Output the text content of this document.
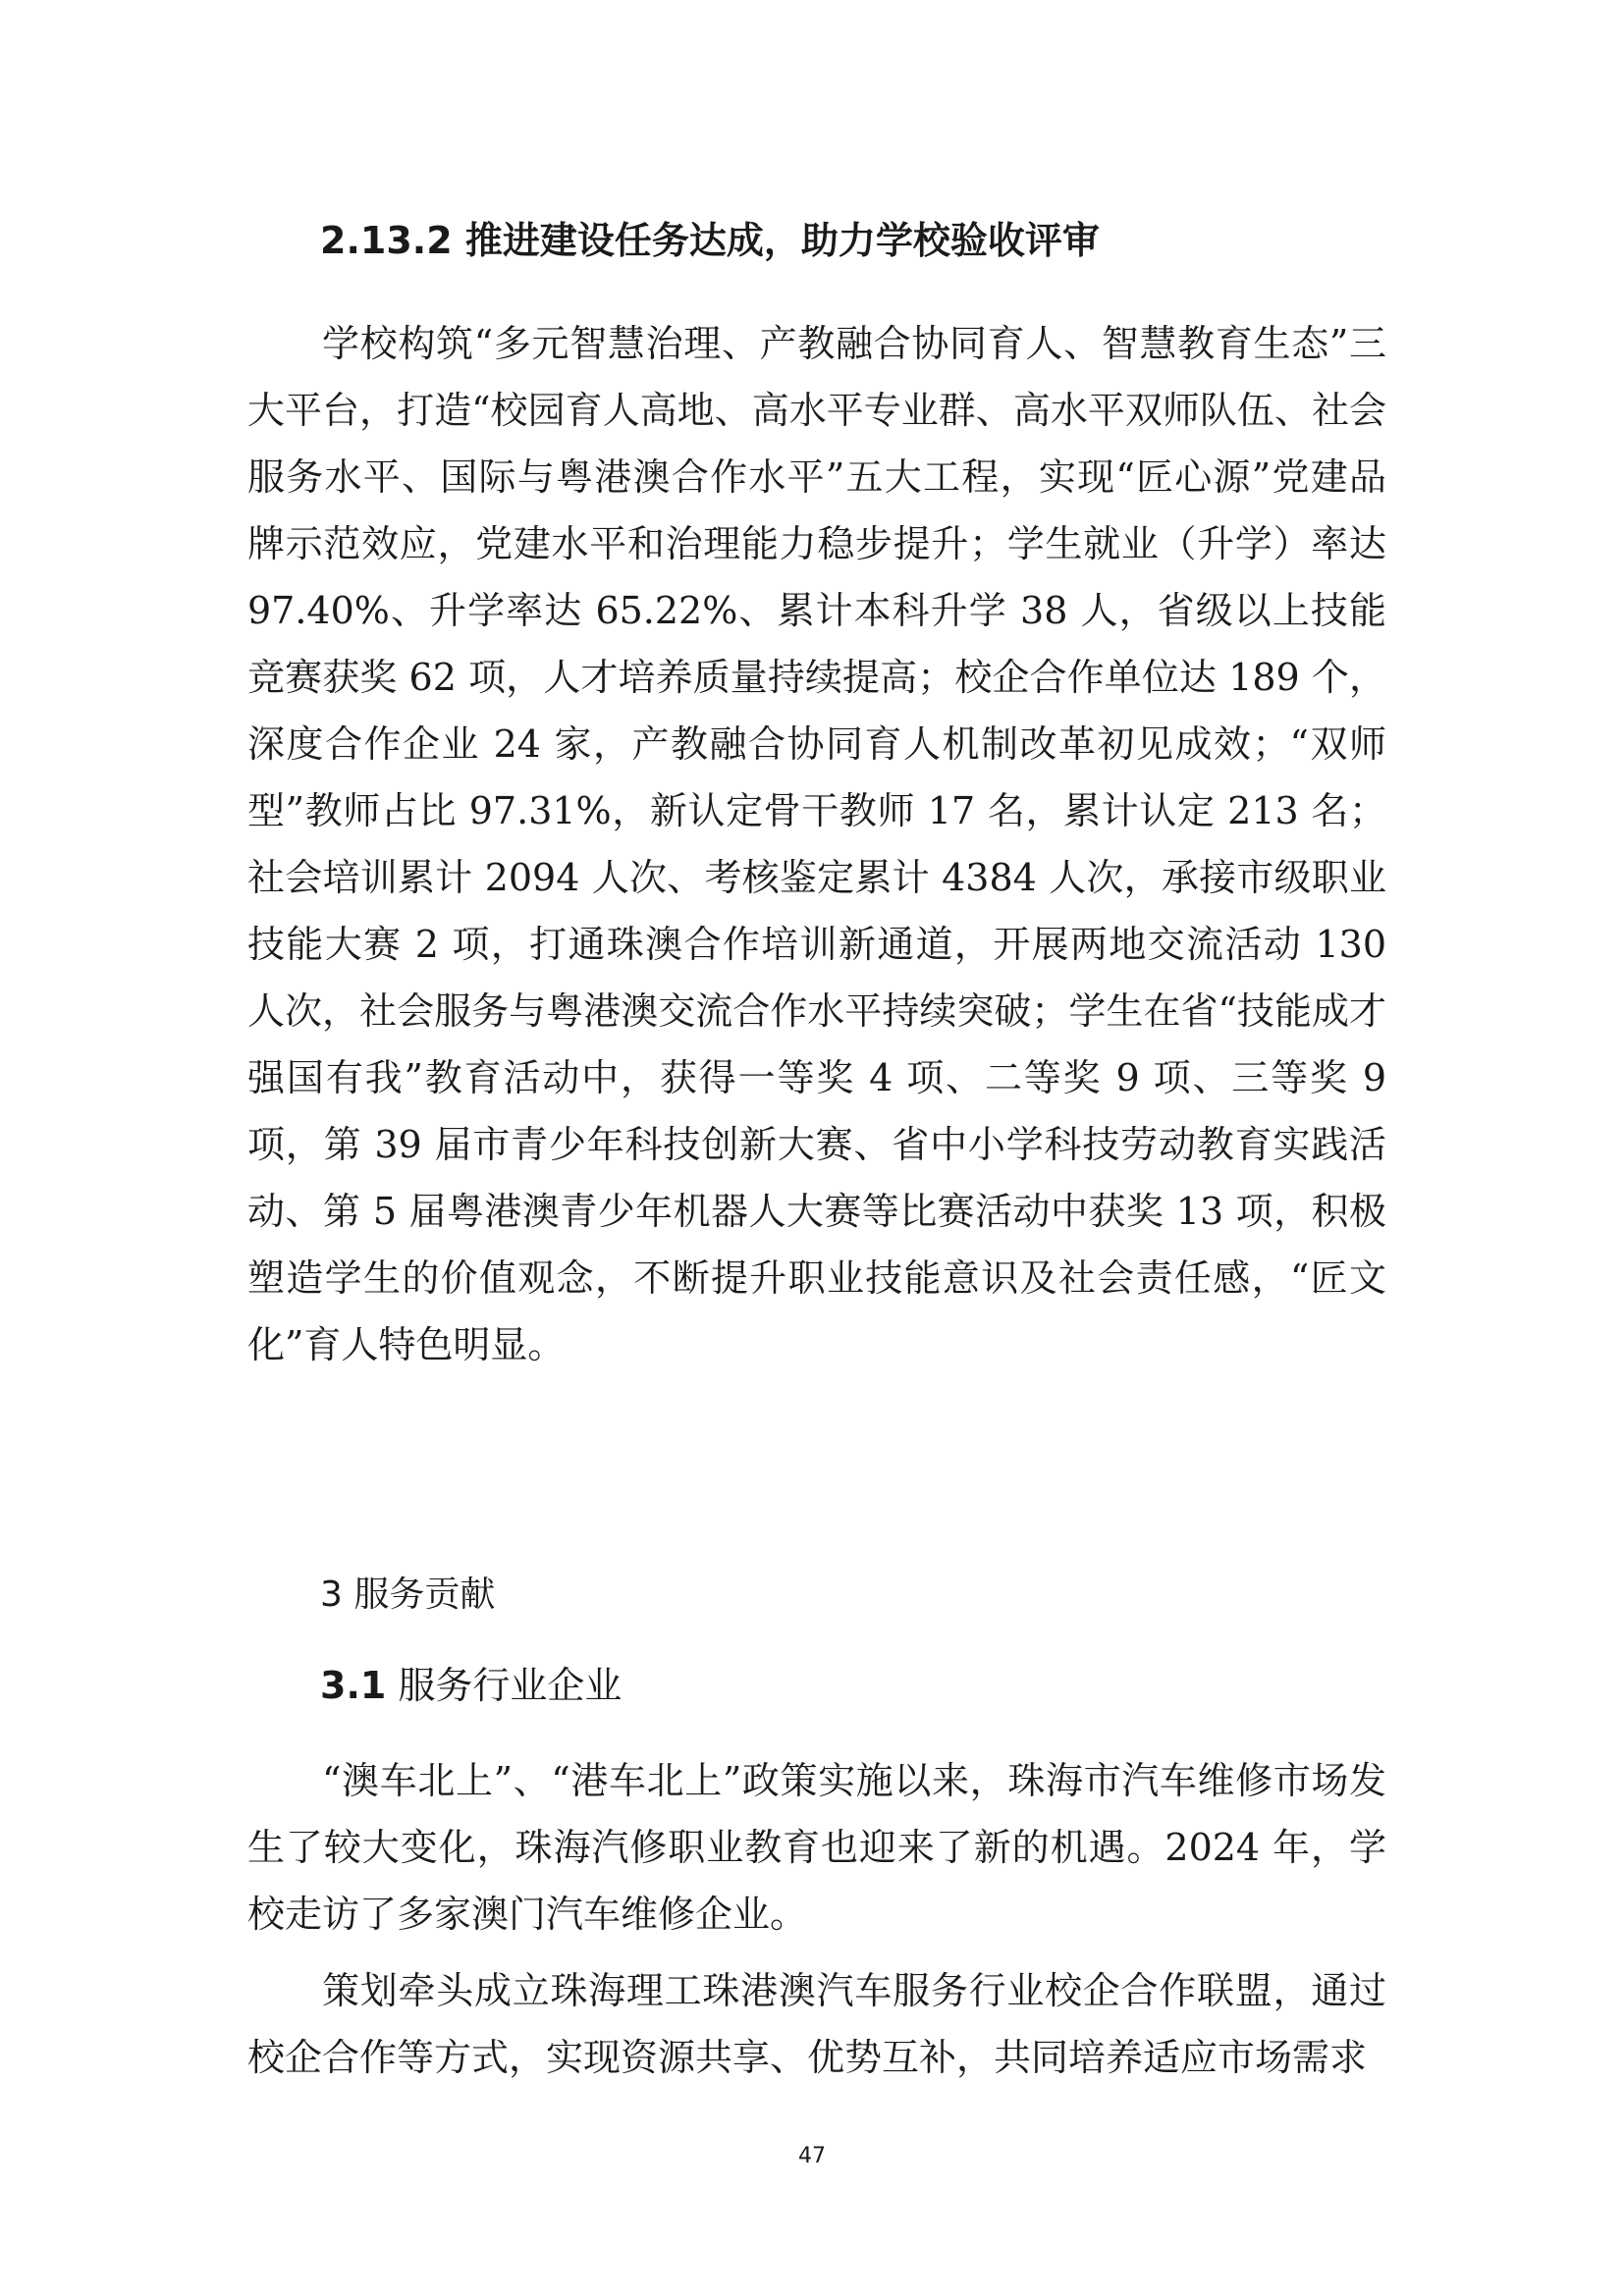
2.13.2 推进建设任务达成，助力学校验收评审

学校构筑“多元智慧治理、产教融合协同育人、智慧教育生态”三大平台，打造“校园育人高地、高水平专业群、高水平双师队伍、社会服务水平、国际与粤港澳合作水平”五大工程，实现“匠心源”党建品牌示范效应，党建水平和治理能力稳步提升；学生就业（升学）率达 97.40%、升学率达 65.22%、累计本科升学 38 人，省级以上技能竞赛获奖 62 项，人才培养质量持续提高；校企合作单位达 189 个，深度合作企业 24 家，产教融合协同育人机制改革初见成效；“双师型”教师占比 97.31%，新认定骨干教师 17 名，累计认定 213 名；社会培训累计 2094 人次、考核鉴定累计 4384 人次，承接市级职业技能大赛 2 项，打通珠澳合作培训新通道，开展两地交流活动 130 人次，社会服务与粤港澳交流合作水平持续突破；学生在省“技能成才强国有我”教育活动中，获得一等奖 4 项、二等奖 9 项、三等奖 9 项，第 39 届市青少年科技创新大赛、省中小学科技劳动教育实践活动、第 5 届粤港澳青少年机器人大赛等比赛活动中获奖 13 项，积极塑造学生的价值观念，不断提升职业技能意识及社会责任感，“匠文化”育人特色明显。

3 服务贡献
3.1 服务行业企业

“澳车北上”、“港车北上”政策实施以来，珠海市汽车维修市场发生了较大变化，珠海汽修职业教育也迎来了新的机遇。2024 年，学校走访了多家澳门汽车维修企业。

策划牵头成立珠海理工珠港澳汽车服务行业校企合作联盟，通过校企合作等方式，实现资源共享、优势互补，共同培养适应市场需求

47
